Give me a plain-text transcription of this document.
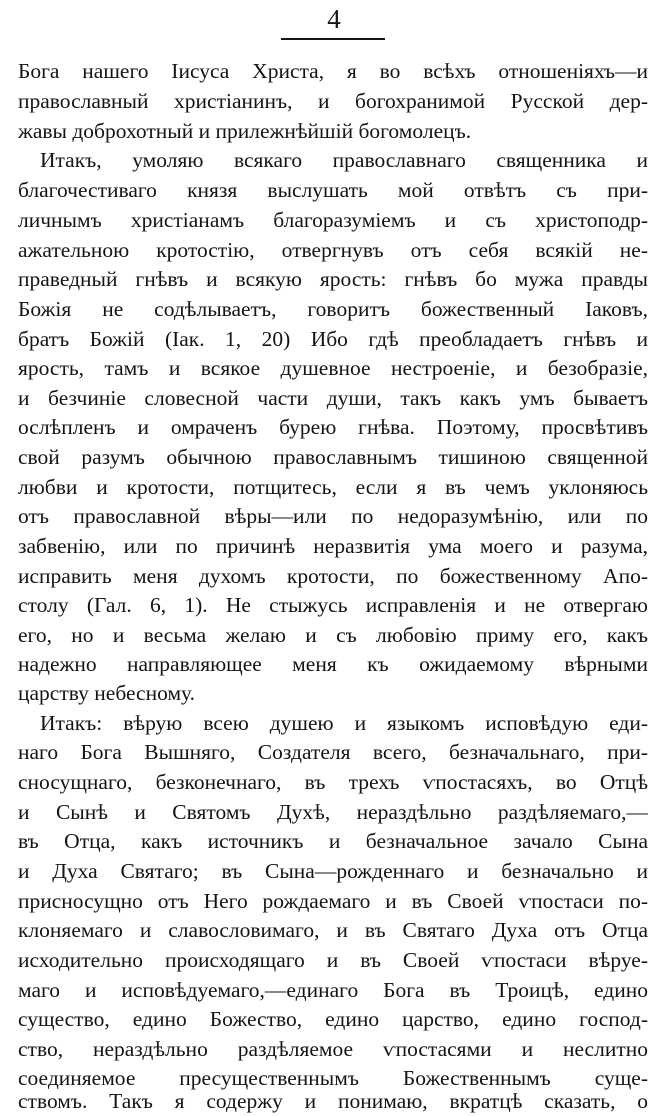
4
Бога нашего Iисуса Христа, я во всѣхъ отношенiяхъ—и
православный христiанинъ, и богохранимой Русской дер-
жавы доброхотный и прилежнѣйшiй богомолецъ.
Итакъ, умоляю всякаго православнаго священника и
благочестиваго князя выслушать мой отвѣтъ съ при-
личнымъ христiанамъ благоразумiемъ и съ христоподр-
ажательною кротостiю, отвергнувъ отъ себя всякiй не-
праведный гнѣвъ и всякую ярость: гнѣвъ бо мужа правды
Божiя не содѣлываетъ, говоритъ божественный Iаковъ,
братъ Божiй (Iак. 1, 20) Ибо гдѣ преобладаетъ гнѣвъ и
ярость, тамъ и всякое душевное нестроенiе, и безобразiе,
и безчинiе словесной части души, такъ какъ умъ бываетъ
ослѣпленъ и омраченъ бурею гнѣва. Поэтому, просвѣтивъ
свой разумъ обычною православнымъ тишиною священной
любви и кротости, потщитесь, если я въ чемъ уклоняюсь
отъ православной вѣры—или по недоразумѣнiю, или по
забвенiю, или по причинѣ неразвитiя ума моего и разума,
исправить меня духомъ кротости, по божественному Апо-
столу (Гал. 6, 1). Не стыжусь исправленiя и не отвергаю
его, но и весьма желаю и съ любовiю приму его, какъ
надежно направляющее меня къ ожидаемому вѣрными
царству небесному.
Итакъ: вѣрую всею душею и языкомъ исповѣдую еди-
наго Бога Вышняго, Создателя всего, безначальнаго, при-
сносущнаго, безконечнаго, въ трехъ ѵпостасяхъ, во Отцѣ
и Сынѣ и Святомъ Духѣ, нераздѣльно раздѣляемаго,—
въ Отца, какъ источникъ и безначальное зачало Сына
и Духа Святаго; въ Сына—рожденнаго и безначально и
присносущно отъ Него рождаемаго и въ Своей ѵпостаси по-
клоняемаго и славословимаго, и въ Святаго Духа отъ Отца
исходительно происходящаго и въ Своей ѵпостаси вѣруе-
маго и исповѣдуемаго,—единаго Бога въ Троицѣ, едино
существо, едино Божество, едино царство, едино господ-
ство, нераздѣльно раздѣляемое ѵпостасями и неслитно
соединяемое пресущественнымъ Божественнымъ суще-
ствомъ. Такъ я содержу и понимаю, вкратцѣ сказать, о
